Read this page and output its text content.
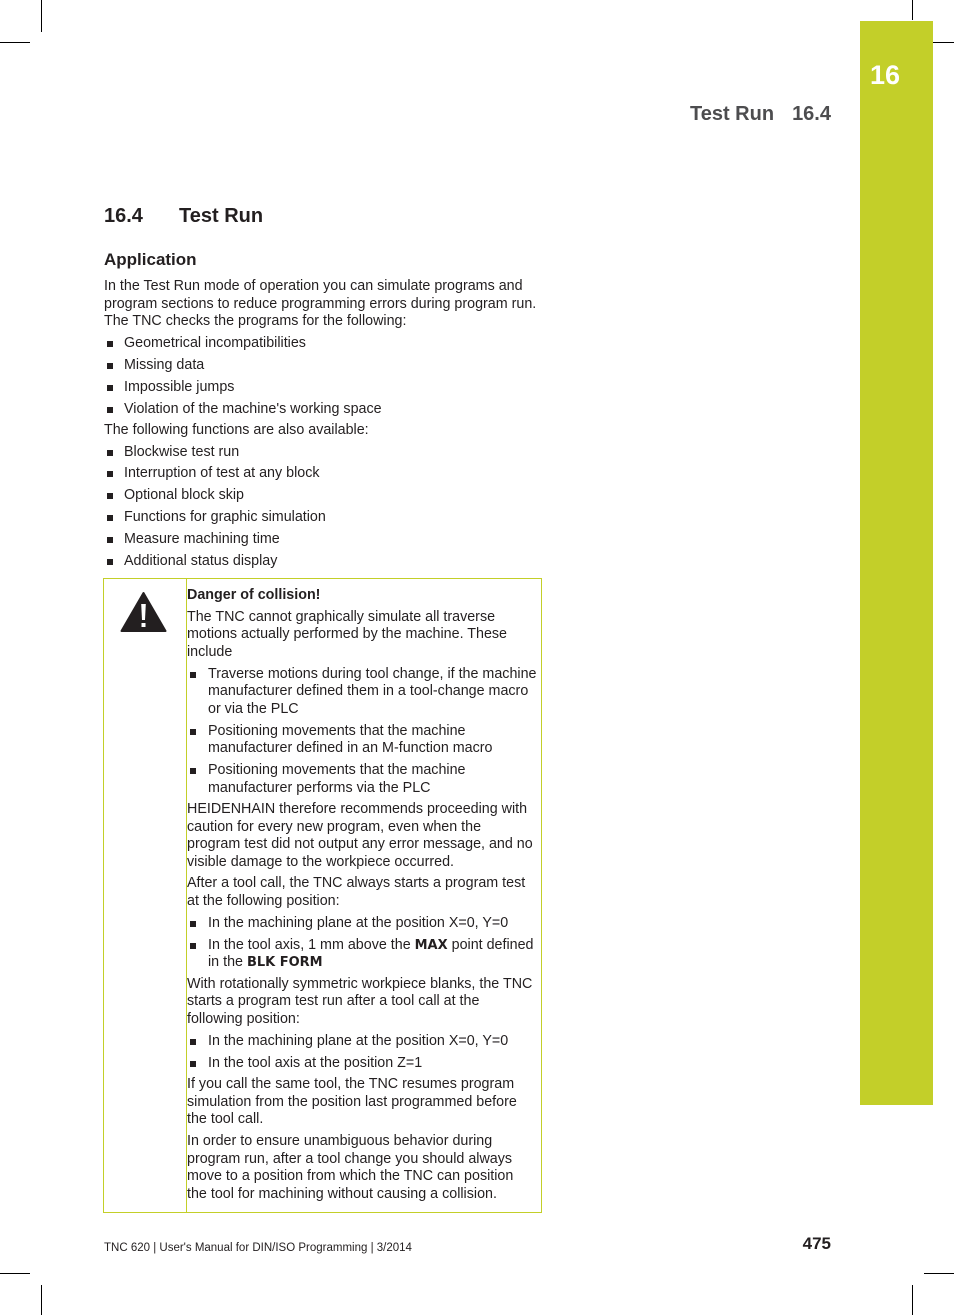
16
Test Run 16.4
16.4 Test Run
Application

In the Test Run mode of operation you can simulate programs and program sections to reduce programming errors during program run. The TNC checks the programs for the following:

Geometrical incompatibilities
Missing data
Impossible jumps
Violation of the machine's working space

The following functions are also available:

Blockwise test run
Interruption of test at any block
Optional block skip
Functions for graphic simulation
Measure machining time
Additional status display

Danger of collision!

The TNC cannot graphically simulate all traverse motions actually performed by the machine. These include

Traverse motions during tool change, if the machine manufacturer defined them in a tool-change macro or via the PLC
Positioning movements that the machine manufacturer defined in an M-function macro
Positioning movements that the machine manufacturer performs via the PLC

HEIDENHAIN therefore recommends proceeding with caution for every new program, even when the program test did not output any error message, and no visible damage to the workpiece occurred.

After a tool call, the TNC always starts a program test at the following position:

In the machining plane at the position X=0, Y=0
In the tool axis, 1 mm above the MAX point defined in the BLK FORM

With rotationally symmetric workpiece blanks, the TNC starts a program test run after a tool call at the following position:

In the machining plane at the position X=0, Y=0
In the tool axis at the position Z=1

If you call the same tool, the TNC resumes program simulation from the position last programmed before the tool call.

In order to ensure unambiguous behavior during program run, after a tool change you should always move to a position from which the TNC can position the tool for machining without causing a collision.

TNC 620 | User's Manual for DIN/ISO Programming | 3/2014	475
